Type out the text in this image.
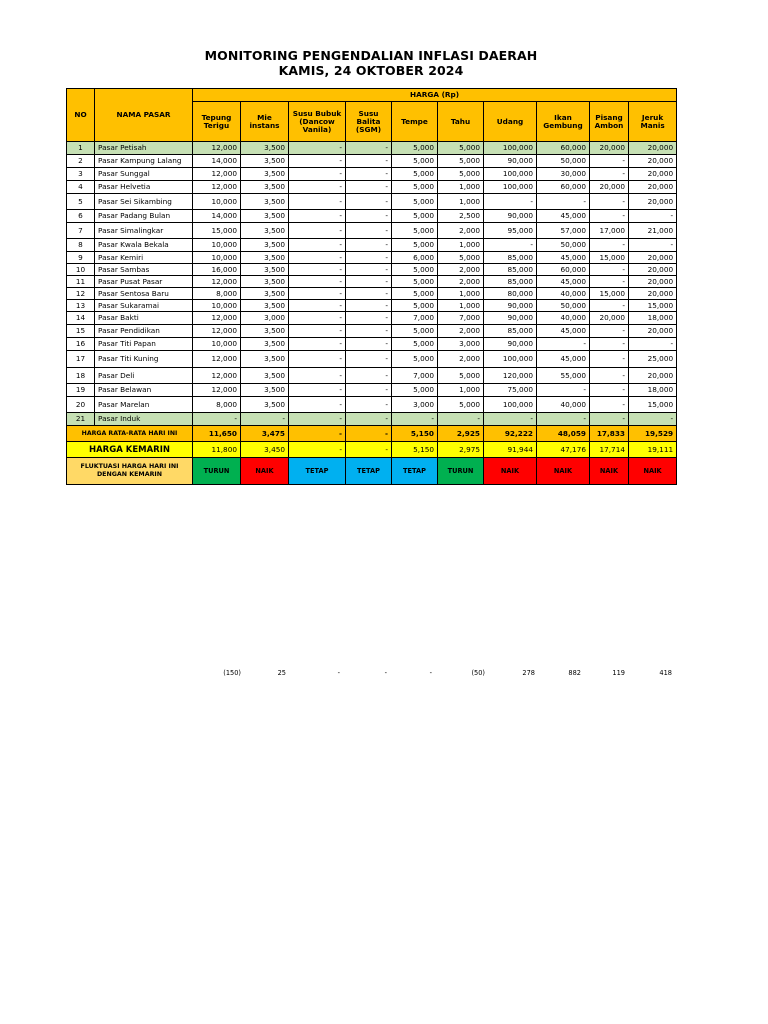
MONITORING PENGENDALIAN INFLASI DAERAH
KAMIS, 24 OKTOBER 2024
NO	NAMA PASAR	HARGA (Rp)									
		Tepung Terigu	Mie instans	Susu Bubuk (Dancow Vanila)	Susu Balita (SGM)	Tempe	Tahu	Udang	Ikan Gembung	Pisang Ambon	Jeruk Manis
1	Pasar Petisah	12,000	3,500	-	-	5,000	5,000	100,000	60,000	20,000	20,000
2	Pasar Kampung Lalang	14,000	3,500	-	-	5,000	5,000	90,000	50,000	-	20,000
3	Pasar Sunggal	12,000	3,500	-	-	5,000	5,000	100,000	30,000	-	20,000
4	Pasar Helvetia	12,000	3,500	-	-	5,000	1,000	100,000	60,000	20,000	20,000
5	Pasar Sei Sikambing	10,000	3,500	-	-	5,000	1,000	-	-	-	20,000
6	Pasar Padang Bulan	14,000	3,500	-	-	5,000	2,500	90,000	45,000	-	-
7	Pasar Simalingkar	15,000	3,500	-	-	5,000	2,000	95,000	57,000	17,000	21,000
8	Pasar Kwala Bekala	10,000	3,500	-	-	5,000	1,000	-	50,000	-	-
9	Pasar Kemiri	10,000	3,500	-	-	6,000	5,000	85,000	45,000	15,000	20,000
10	Pasar Sambas	16,000	3,500	-	-	5,000	2,000	85,000	60,000	-	20,000
11	Pasar Pusat Pasar	12,000	3,500	-	-	5,000	2,000	85,000	45,000	-	20,000
12	Pasar Sentosa Baru	8,000	3,500	-	-	5,000	1,000	80,000	40,000	15,000	20,000
13	Pasar Sukaramai	10,000	3,500	-	-	5,000	1,000	90,000	50,000	-	15,000
14	Pasar Bakti	12,000	3,000	-	-	7,000	7,000	90,000	40,000	20,000	18,000
15	Pasar Pendidikan	12,000	3,500	-	-	5,000	2,000	85,000	45,000	-	20,000
16	Pasar Titi Papan	10,000	3,500	-	-	5,000	3,000	90,000	-	-	-
17	Pasar Titi Kuning	12,000	3,500	-	-	5,000	2,000	100,000	45,000	-	25,000
18	Pasar Deli	12,000	3,500	-	-	7,000	5,000	120,000	55,000	-	20,000
19	Pasar Belawan	12,000	3,500	-	-	5,000	1,000	75,000	-	-	18,000
20	Pasar Marelan	8,000	3,500	-	-	3,000	5,000	100,000	40,000	-	15,000
21	Pasar Induk	-	-	-	-	-	-	-	-	-	-
HARGA RATA-RATA HARI INI		11,650	3,475	-	-	5,150	2,925	92,222	48,059	17,833	19,529
HARGA KEMARIN		11,800	3,450	-	-	5,150	2,975	91,944	47,176	17,714	19,111
FLUKTUASI HARGA HARI INI DENGAN KEMARIN		TURUN	NAIK	TETAP	TETAP	TETAP	TURUN	NAIK	NAIK	NAIK	NAIK
(150)	25	-	-	-	(50)	278	882	119	418
